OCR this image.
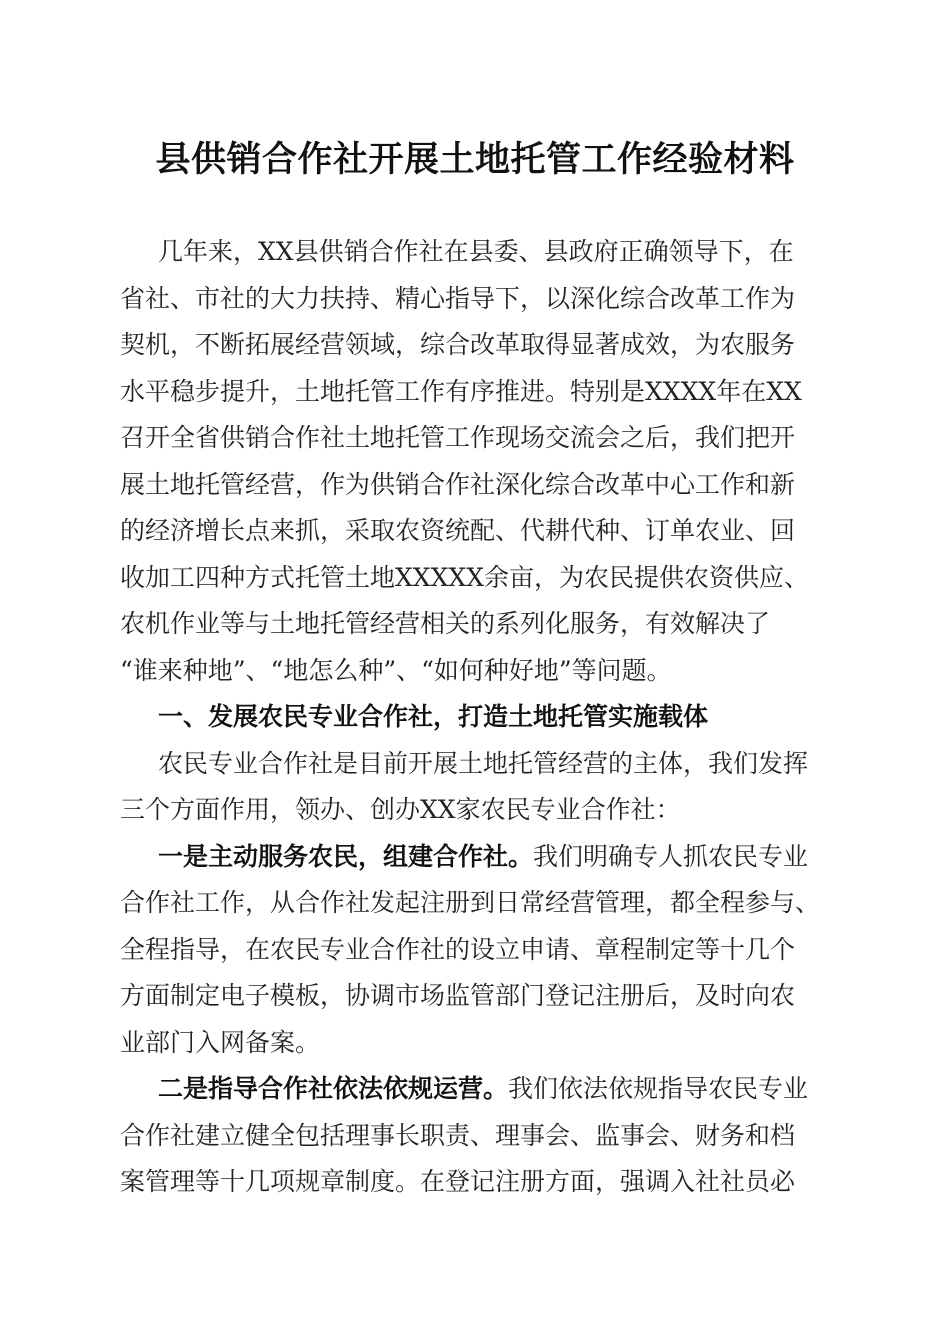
县供销合作社开展土地托管工作经验材料
几年来，XX县供销合作社在县委、县政府正确领导下，在
省社、市社的大力扶持、精心指导下，以深化综合改革工作为
契机，不断拓展经营领域，综合改革取得显著成效，为农服务
水平稳步提升，土地托管工作有序推进。特别是XXXX年在XX
召开全省供销合作社土地托管工作现场交流会之后，我们把开
展土地托管经营，作为供销合作社深化综合改革中心工作和新
的经济增长点来抓，采取农资统配、代耕代种、订单农业、回
收加工四种方式托管土地XXXXX余亩，为农民提供农资供应、
农机作业等与土地托管经营相关的系列化服务，有效解决了
“谁来种地”、“地怎么种”、“如何种好地”等问题。
一、发展农民专业合作社，打造土地托管实施载体
农民专业合作社是目前开展土地托管经营的主体，我们发挥
三个方面作用，领办、创办XX家农民专业合作社：
一是主动服务农民，组建合作社。我们明确专人抓农民专业
合作社工作，从合作社发起注册到日常经营管理，都全程参与、
全程指导，在农民专业合作社的设立申请、章程制定等十几个
方面制定电子模板，协调市场监管部门登记注册后，及时向农
业部门入网备案。
二是指导合作社依法依规运营。我们依法依规指导农民专业
合作社建立健全包括理事长职责、理事会、监事会、财务和档
案管理等十几项规章制度。在登记注册方面，强调入社社员必
